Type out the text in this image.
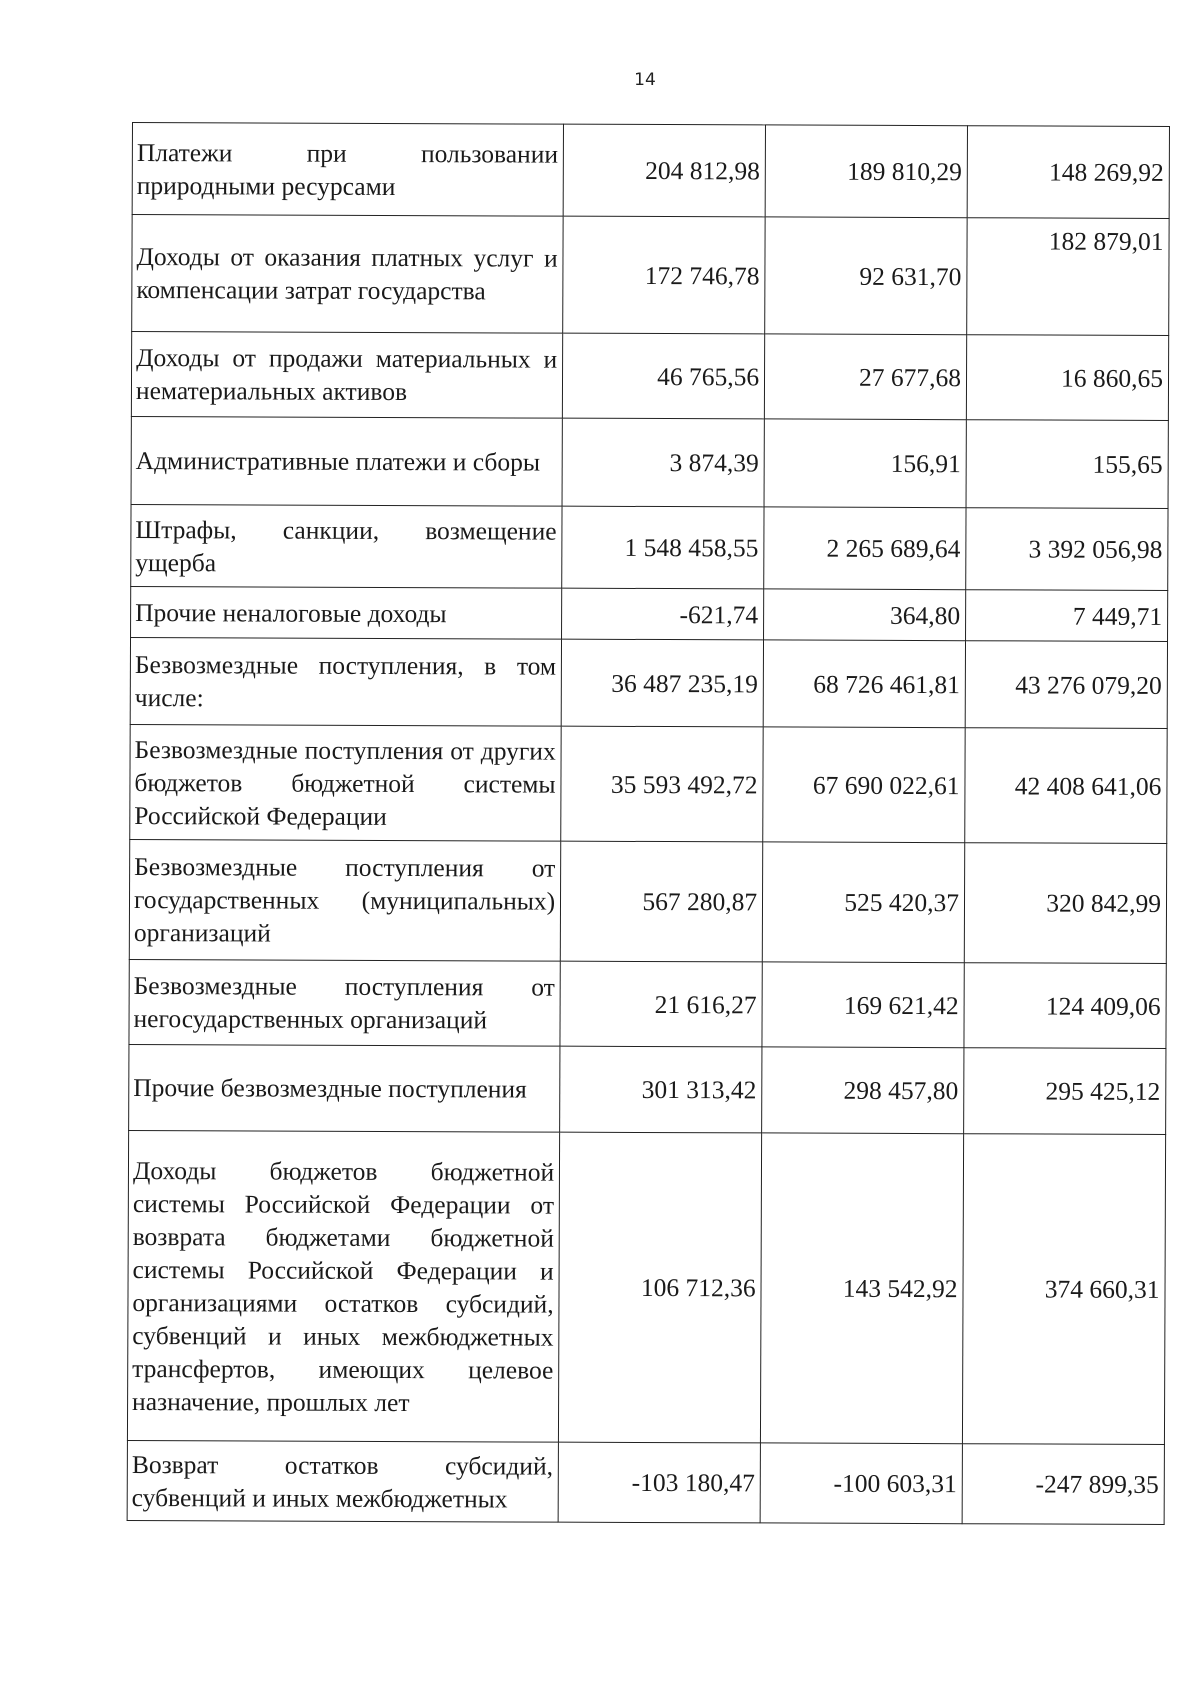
14
Платежи при пользовании природными ресурсами	204 812,98	189 810,29	148 269,92
Доходы от оказания платных услуг и компенсации затрат государства	172 746,78	92 631,70	182 879,01
Доходы от продажи материальных и нематериальных активов	46 765,56	27 677,68	16 860,65
Административные платежи и сборы	3 874,39	156,91	155,65
Штрафы, санкции, возмещение ущерба	1 548 458,55	2 265 689,64	3 392 056,98
Прочие неналоговые доходы	-621,74	364,80	7 449,71
Безвозмездные поступления, в том числе:	36 487 235,19	68 726 461,81	43 276 079,20
Безвозмездные поступления от других бюджетов бюджетной системы Российской Федерации	35 593 492,72	67 690 022,61	42 408 641,06
Безвозмездные поступления от государственных (муниципальных) организаций	567 280,87	525 420,37	320 842,99
Безвозмездные поступления от негосударственных организаций	21 616,27	169 621,42	124 409,06
Прочие безвозмездные поступления	301 313,42	298 457,80	295 425,12
Доходы бюджетов бюджетной системы Российской Федерации от возврата бюджетами бюджетной системы Российской Федерации и организациями остатков субсидий, субвенций и иных межбюджетных трансфертов, имеющих целевое назначение, прошлых лет	106 712,36	143 542,92	374 660,31
Возврат остатков субсидий, субвенций и иных межбюджетных	-103 180,47	-100 603,31	-247 899,35
